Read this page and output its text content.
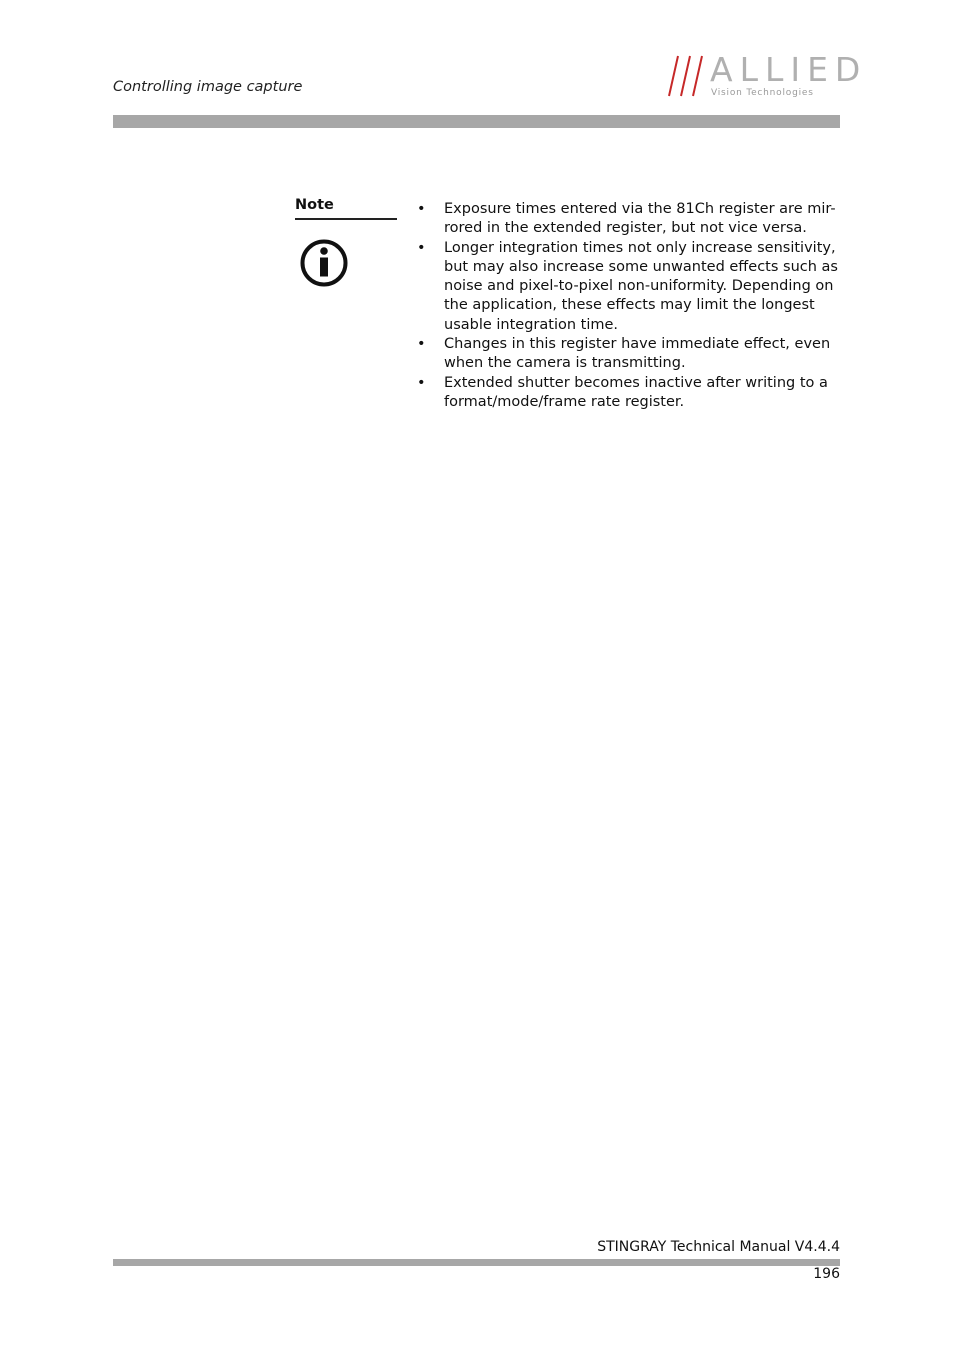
Controlling image capture	ALLIED
Vision Technologies
Note	• Exposure times entered via the 81Ch register are mir-rored in the extended register, but not vice versa.
• Longer integration times not only increase sensitivity, but may also increase some unwanted effects such as noise and pixel-to-pixel non-uniformity. Depending on the application, these effects may limit the longest usable integration time.
• Changes in this register have immediate effect, even when the camera is transmitting.
• Extended shutter becomes inactive after writing to a format/mode/frame rate register.
STINGRAY Technical Manual V4.4.4
196
